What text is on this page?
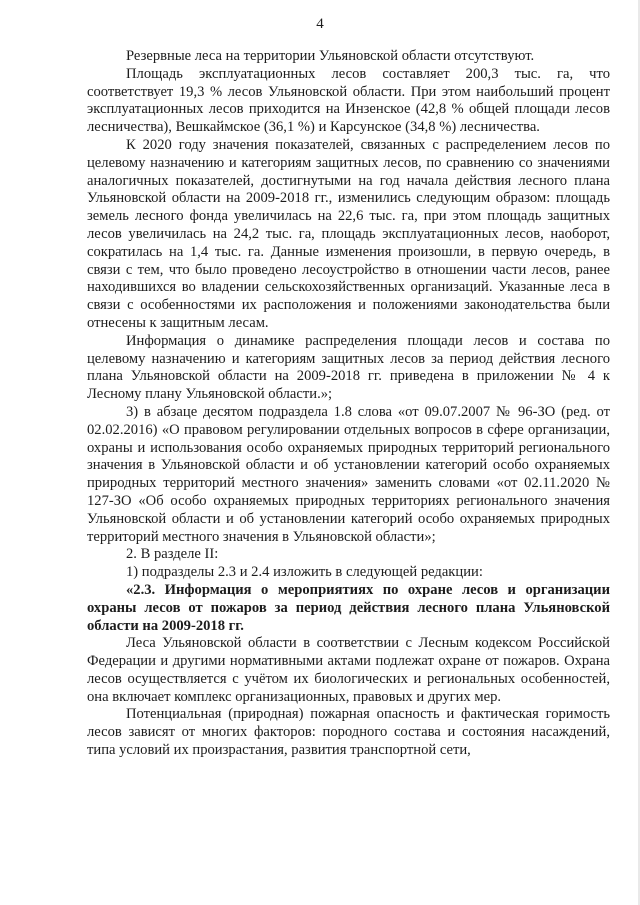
4

Резервные леса на территории Ульяновской области отсутствуют.

Площадь эксплуатационных лесов составляет 200,3 тыс. га, что соответствует 19,3 % лесов Ульяновской области. При этом наибольший процент эксплуатационных лесов приходится на Инзенское (42,8 % общей площади лесов лесничества), Вешкаймское (36,1 %) и Карсунское (34,8 %) лесничества.

К 2020 году значения показателей, связанных с распределением лесов по целевому назначению и категориям защитных лесов, по сравнению со значениями аналогичных показателей, достигнутыми на год начала действия лесного плана Ульяновской области на 2009-2018 гг., изменились следующим образом: площадь земель лесного фонда увеличилась на 22,6 тыс. га, при этом площадь защитных лесов увеличилась на 24,2 тыс. га, площадь эксплуатационных лесов, наоборот, сократилась на 1,4 тыс. га. Данные изменения произошли, в первую очередь, в связи с тем, что было проведено лесоустройство в отношении части лесов, ранее находившихся во владении сельскохозяйственных организаций. Указанные леса в связи с особенностями их расположения и положениями законодательства были отнесены к защитным лесам.

Информация о динамике распределения площади лесов и состава по целевому назначению и категориям защитных лесов за период действия лесного плана Ульяновской области на 2009-2018 гг. приведена в приложении № 4 к Лесному плану Ульяновской области.»;

3) в абзаце десятом подраздела 1.8 слова «от 09.07.2007 № 96-ЗО (ред. от 02.02.2016) «О правовом регулировании отдельных вопросов в сфере организации, охраны и использования особо охраняемых природных территорий регионального значения в Ульяновской области и об установлении категорий особо охраняемых природных территорий местного значения» заменить словами «от 02.11.2020 № 127-ЗО «Об особо охраняемых природных территориях регионального значения Ульяновской области и об установлении категорий особо охраняемых природных территорий местного значения в Ульяновской области»;

2. В разделе II:

1) подразделы 2.3 и 2.4 изложить в следующей редакции:

«2.3. Информация о мероприятиях по охране лесов и организации охраны лесов от пожаров за период действия лесного плана Ульяновской области на 2009-2018 гг.

Леса Ульяновской области в соответствии с Лесным кодексом Российской Федерации и другими нормативными актами подлежат охране от пожаров. Охрана лесов осуществляется с учётом их биологических и региональных особенностей, она включает комплекс организационных, правовых и других мер.

Потенциальная (природная) пожарная опасность и фактическая горимость лесов зависят от многих факторов: породного состава и состояния насаждений, типа условий их произрастания, развития транспортной сети,
